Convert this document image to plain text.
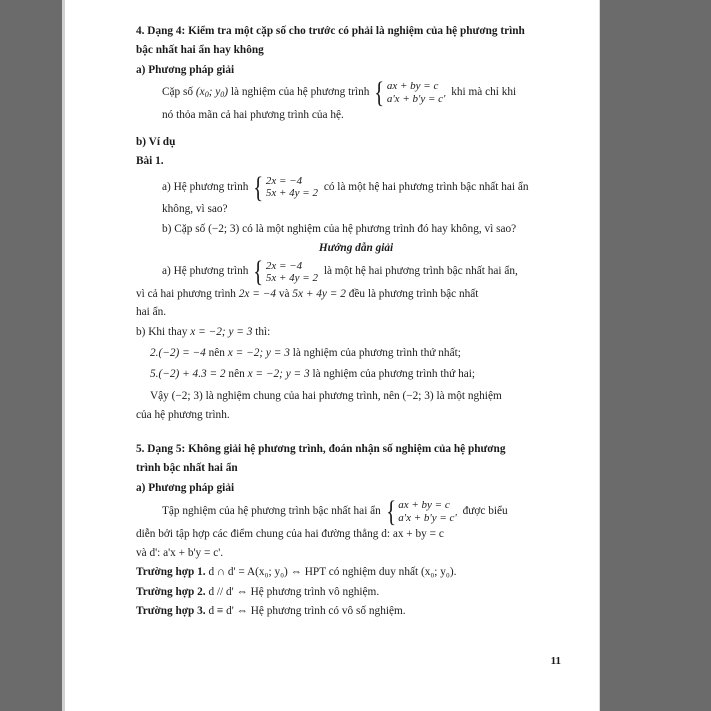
4. Dạng 4: Kiểm tra một cặp số cho trước có phải là nghiệm của hệ phương trình

bậc nhất hai ẩn hay không

a) Phương pháp giải

Cặp số
($x_0$; $y_0$)
là nghiệm của hệ phương trình { ax + by = c
a'x + b'y = c'

khi mà chỉ khi

nó thỏa mãn cả hai phương trình của hệ.

b) Ví dụ

Bài 1.

a) Hệ phương trình { 2x = −4
5x + 4y = 2

có là một hệ hai phương trình bậc nhất hai ẩn

không, vì sao?

b) Cặp số (−2; 3) có là một nghiệm của hệ phương trình đó hay không, vì sao?

Hướng dẫn giải

a) Hệ phương trình { 2x = −4
5x + 4y = 2

là một hệ hai phương trình bậc nhất hai ẩn,
vì cả hai phương trình
2x = −4
và
5x + 4y = 2
đều là phương trình bậc nhất

hai ẩn.

b) Khi thay
x = −2; y = 3
thì:
2.(−2) = −4
nên
x = −2; y = 3
là nghiệm của phương trình thứ nhất;
5.(−2) + 4.3 = 2
nên
x = −2; y = 3
là nghiệm của phương trình thứ hai;

Vậy (−2; 3) là nghiệm chung của hai phương trình, nên (−2; 3) là một nghiệm

của hệ phương trình.

5. Dạng 5: Không giải hệ phương trình, đoán nhận số nghiệm của hệ phương

trình bậc nhất hai ẩn

a) Phương pháp giải

Tập nghiệm của hệ phương trình bậc nhất hai ẩn { ax + by = c
a'x + b'y = c'

được biểu

diễn bởi tập hợp các điểm chung của hai đường thẳng d: ax + by = c

và d': a'x + b'y = c'.

Trường hợp 1. d ∩ d' = A(x₀; y₀) ⇔ HPT có nghiệm duy nhất (x₀; y₀).

Trường hợp 2. d // d' ⇔ Hệ phương trình vô nghiệm.

Trường hợp 3. d ≡ d' ⇔ Hệ phương trình có vô số nghiệm.

11
